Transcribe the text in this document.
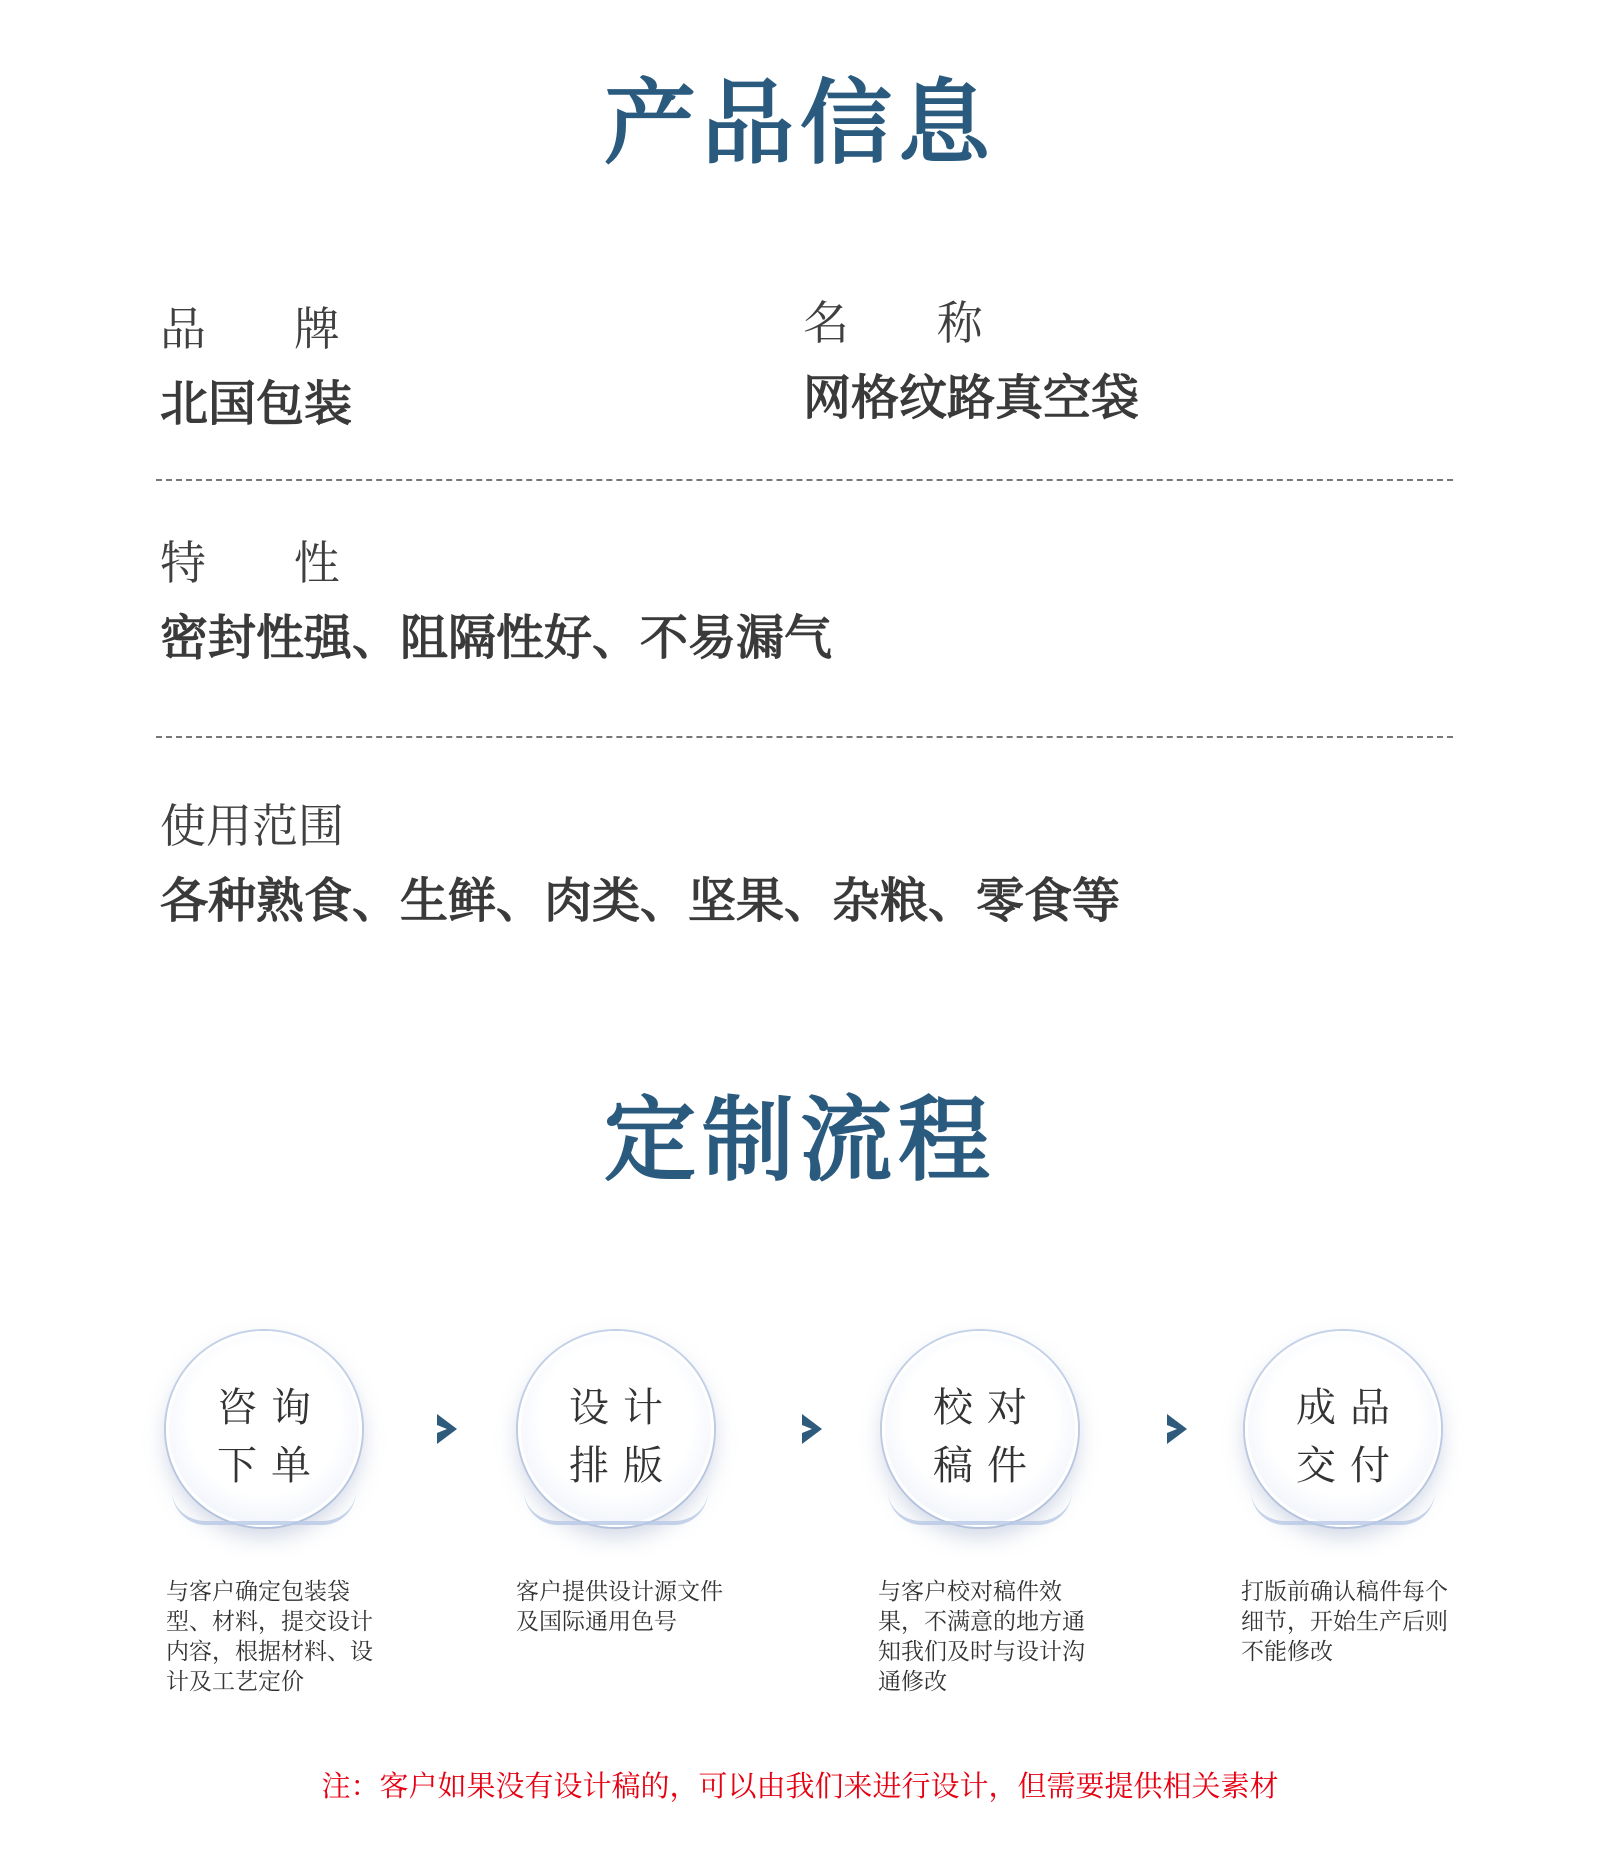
产品信息
品      牌
北国包装
名      称
网格纹路真空袋
特      性
密封性强、阻隔性好、不易漏气
使用范围
各种熟食、生鲜、肉类、坚果、杂粮、零食等
定制流程
咨询
下单
设计
排版
校对
稿件
成品
交付
与客户确定包装袋型、材料，提交设计内容，根据材料、设计及工艺定价
客户提供设计源文件及国际通用色号
与客户校对稿件效果，不满意的地方通知我们及时与设计沟通修改
打版前确认稿件每个细节，开始生产后则不能修改
注：客户如果没有设计稿的，可以由我们来进行设计，但需要提供相关素材
